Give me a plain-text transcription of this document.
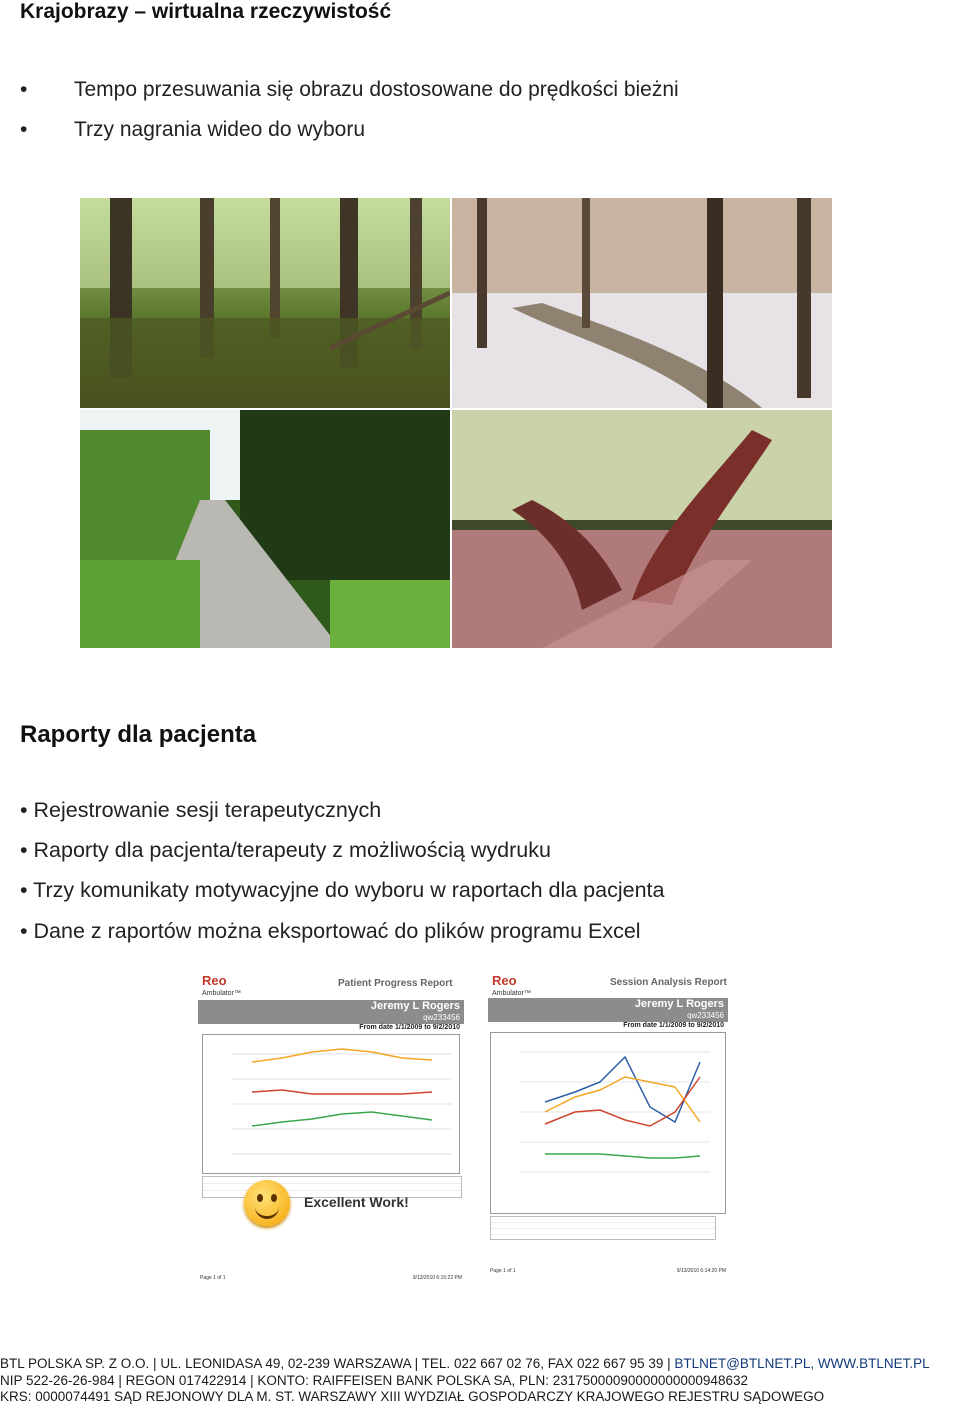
Krajobrazy – wirtualna rzeczywistość
• Tempo przesuwania się obrazu dostosowane do prędkości bieżni
• Trzy nagrania wideo do wyboru
Raporty dla pacjenta
• Rejestrowanie sesji terapeutycznych
• Raporty dla pacjenta/terapeuty z możliwością wydruku
• Trzy komunikaty motywacyjne do wyboru w raportach dla pacjenta
• Dane z raportów można eksportować do plików programu Excel
Reo
Ambulator™
Patient Progress Report
Jeremy L Rogers
qw233456
From date 1/1/2009 to 9/2/2010
Excellent Work!
Page 1 of 1	9/13/2010 6:15:22 PM
Reo
Ambulator™
Session Analysis Report
Jeremy L Rogers
qw233456
From date 1/1/2009 to 9/2/2010
Page 1 of 1	9/13/2010 6:14:20 PM
BTL POLSKA SP. Z O.O. | UL. LEONIDASA 49, 02-239 WARSZAWA | TEL. 022 667 02 76, FAX 022 667 95 39 | BTLNET@BTLNET.PL, WWW.BTLNET.PL
NIP 522-26-26-984 | REGON 017422914 | KONTO: RAIFFEISEN BANK POLSKA SA, PLN: 23175000090000000000948632
KRS: 0000074491 SĄD REJONOWY DLA M. ST. WARSZAWY XIII WYDZIAŁ GOSPODARCZY KRAJOWEGO REJESTRU SĄDOWEGO
